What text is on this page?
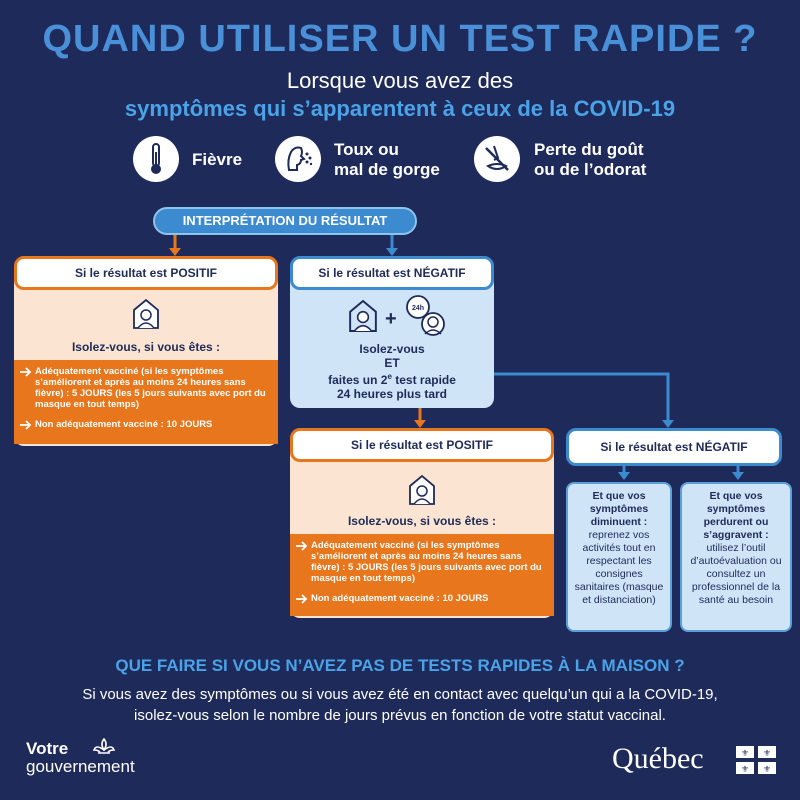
QUAND UTILISER UN TEST RAPIDE ?
Lorsque vous avez des
symptômes qui s’apparentent à ceux de la COVID-19
Fièvre
Toux ou
mal de gorge
Perte du goût
ou de l’odorat
INTERPRÉTATION DU RÉSULTAT
Si le résultat est POSITIF
Isolez-vous, si vous êtes :
Adéquatement vacciné (si les symptômes s’améliorent et après au moins 24 heures sans fièvre) : 5 JOURS (les 5 jours suivants avec port du masque en tout temps)
Non adéquatement vacciné : 10 JOURS
Si le résultat est NÉGATIF
+ 24h
Isolez-vous
ET
faites un 2e test rapide
24 heures plus tard
Si le résultat est POSITIF
Isolez-vous, si vous êtes :
Adéquatement vacciné (si les symptômes s’améliorent et après au moins 24 heures sans fièvre) : 5 JOURS (les 5 jours suivants avec port du masque en tout temps)
Non adéquatement vacciné : 10 JOURS
Si le résultat est NÉGATIF
Et que vos symptômes diminuent :
reprenez vos activités tout en respectant les consignes sanitaires (masque et distanciation)
Et que vos symptômes perdurent ou s’aggravent :
utilisez l’outil d’autoévaluation ou consultez un professionnel de la santé au besoin
QUE FAIRE SI VOUS N’AVEZ PAS DE TESTS RAPIDES À LA MAISON ?
Si vous avez des symptômes ou si vous avez été en contact avec quelqu’un qui a la COVID-19,
isolez-vous selon le nombre de jours prévus en fonction de votre statut vaccinal.
Votre
gouvernement	Québec	⚜ ⚜
⚜ ⚜
